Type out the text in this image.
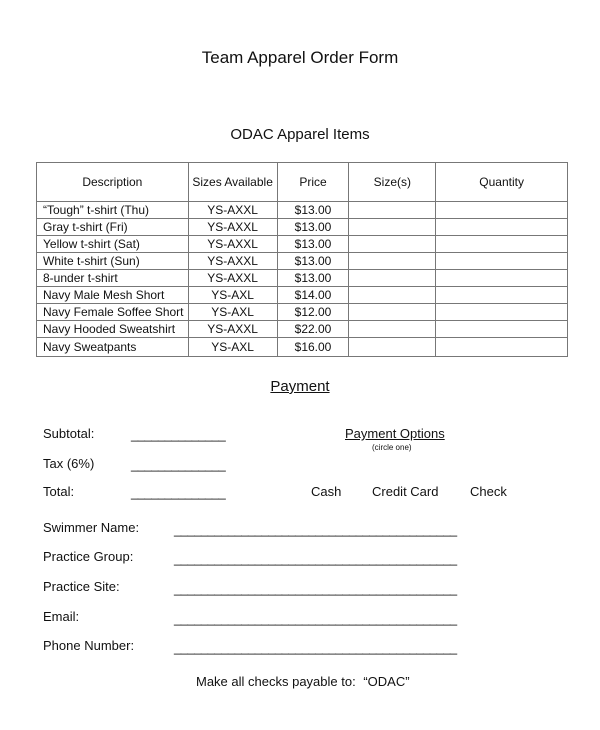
Team Apparel Order Form
ODAC Apparel Items
Description	Sizes Available	Price	Size(s)	Quantity
“Tough” t-shirt (Thu)	YS-AXXL	$13.00		
Gray t-shirt (Fri)	YS-AXXL	$13.00		
Yellow t-shirt (Sat)	YS-AXXL	$13.00		
White t-shirt (Sun)	YS-AXXL	$13.00		
8-under t-shirt	YS-AXXL	$13.00		
Navy Male Mesh Short	YS-AXL	$14.00		
Navy Female Soffee Short	YS-AXL	$12.00		
Navy Hooded Sweatshirt	YS-AXXL	$22.00		
Navy Sweatpants	YS-AXL	$16.00		
Payment
Subtotal:	______________
Tax (6%)	______________
Total:	______________
Payment Options
(circle one)
Cash Credit Card Check
Swimmer Name:	__________________________________________
Practice Group:	__________________________________________
Practice Site:	__________________________________________
Email:	__________________________________________
Phone Number:	__________________________________________
Make all checks payable to: “ODAC”
